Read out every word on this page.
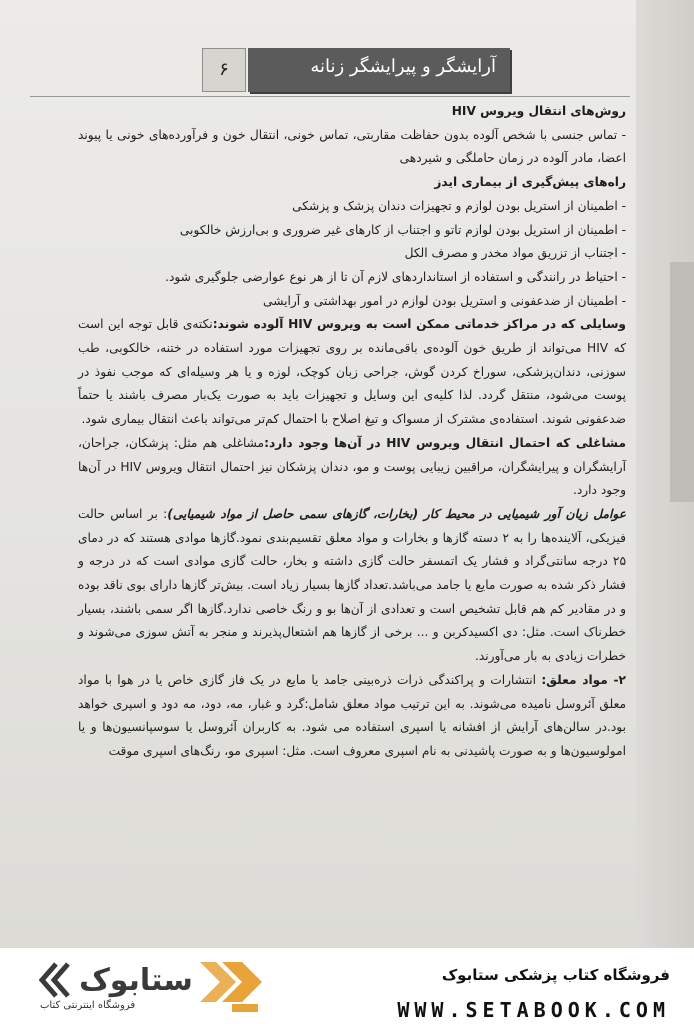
۶	آرایشگر و پیرایشگر زنانه

روش‌های انتقال ویروس HIV

- تماس جنسی با شخص آلوده بدون حفاظت مقاربتی، تماس خونی، انتقال خون و فرآورده‌های خونی یا پیوند اعضا، مادر آلوده در زمان حاملگی و شیردهی

راه‌های پیش‌گیری از بیماری ایدز

- اطمینان از استریل بودن لوازم و تجهیزات دندان پزشک و پزشکی

- اطمینان از استریل بودن لوازم تاتو و اجتناب از کارهای غیر ضروری و بی‌ارزش خالکوبی

- اجتناب از تزریق مواد مخدر و مصرف الکل

- احتیاط در رانندگی و استفاده از استانداردهای لازم آن تا از هر نوع عوارضی جلوگیری شود.

- اطمینان از ضدعفونی و استریل بودن لوازم در امور بهداشتی و آرایشی

وسایلی که در مراکز خدماتی ممکن است به ویروس HIV آلوده شوند:نکته‌ی قابل توجه این است که HIV می‌تواند از طریق خون آلوده‌ی باقی‌مانده بر روی تجهیزات مورد استفاده در ختنه، خالکوبی، طب سوزنی، دندان‌پزشکی، سوراخ کردن گوش، جراحی زبان کوچک، لوزه و یا هر وسیله‌ای که موجب نفوذ در پوست می‌شود، منتقل گردد. لذا کلیه‌ی این وسایل و تجهیزات باید به صورت یک‌بار مصرف باشند یا حتماً ضدعفونی شوند. استفاده‌ی مشترک از مسواک و تیغ اصلاح با احتمال کم‌تر می‌تواند باعث انتقال بیماری شود.

مشاغلی که احتمال انتقال ویروس HIV در آن‌ها وجود دارد:مشاغلی هم مثل: پزشکان، جراحان، آرایشگران و پیرایشگران، مراقبین زیبایی پوست و مو، دندان پزشکان نیز احتمال انتقال ویروس HIV در آن‌ها وجود دارد.

عوامل زیان آور شیمیایی در محیط کار (بخارات، گازهای سمی حاصل از مواد شیمیایی): بر اساس حالت فیزیکی، آلاینده‌ها را به ۲ دسته گازها و بخارات و مواد معلق تقسیم‌بندی نمود.گازها موادی هستند که در دمای ۲۵ درجه سانتی‌گراد و فشار یک اتمسفر حالت گازی داشته و بخار، حالت گازی موادی است که در درجه و فشار ذکر شده به صورت مایع یا جامد می‌باشد.تعداد گازها بسیار زیاد است. بیش‌تر گازها دارای بوی ناقد بوده و در مقادیر کم هم قابل تشخیص است و تعدادی از آن‌ها بو و رنگ خاصی ندارد.گازها اگر سمی باشند، بسیار خطرناک است. مثل: دی اکسیدکربن و ... برخی از گازها هم اشتعال‌پذیرند و منجر به آتش سوزی می‌شوند و خطرات زیادی به بار می‌آورند.

۲- مواد معلق: انتشارات و پراکندگی ذرات ذره‌بینی جامد یا مایع در یک فاز گازی خاص یا در هوا با مواد معلق آئروسل نامیده می‌شوند. به این ترتیب مواد معلق شامل:گرد و غبار، مه، دود، مه دود و اسپری خواهد بود.در سالن‌های آرایش از افشانه یا اسپری استفاده می شود. به کاربران آئروسل یا سوسپانسیون‌ها و یا امولوسیون‌ها و به صورت پاشیدنی به نام اسپری معروف است. مثل: اسپری مو، رنگ‌های اسپری موقت

ستابوک
فروشگاه اینترنتی کتاب
فروشگاه کتاب پزشکی ستابوک
WWW.SETABOOK.COM
